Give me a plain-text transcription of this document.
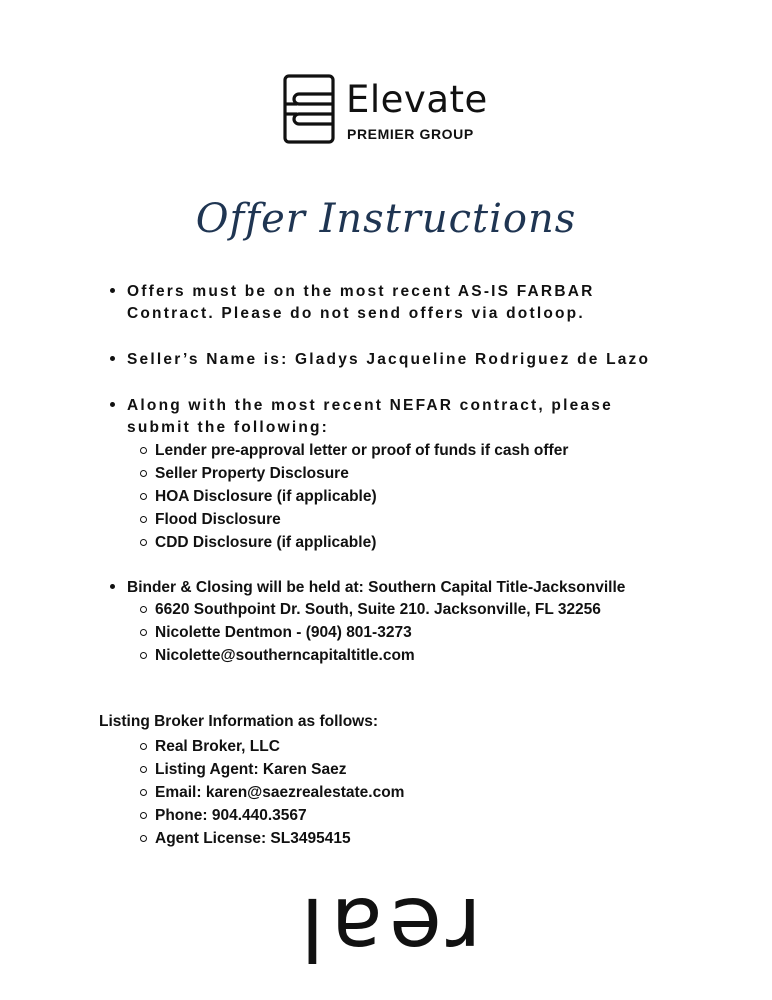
Elevate
PREMIER GROUP
Offer Instructions
Offers must be on the most recent AS-IS FARBAR
Contract. Please do not send offers via dotloop.
Seller’s Name is: Gladys Jacqueline Rodriguez de Lazo
Along with the most recent NEFAR contract, please
submit the following:
Lender pre-approval letter or proof of funds if cash offer
Seller Property Disclosure
HOA Disclosure (if applicable)
Flood Disclosure
CDD Disclosure (if applicable)
Binder & Closing will be held at: Southern Capital Title-Jacksonville
6620 Southpoint Dr. South, Suite 210. Jacksonville, FL 32256
Nicolette Dentmon - (904) 801-3273
Nicolette@southerncapitaltitle.com
Listing Broker Information as follows:
Real Broker, LLC
Listing Agent: Karen Saez
Email: karen@saezrealestate.com
Phone: 904.440.3567
Agent License: SL3495415
real
